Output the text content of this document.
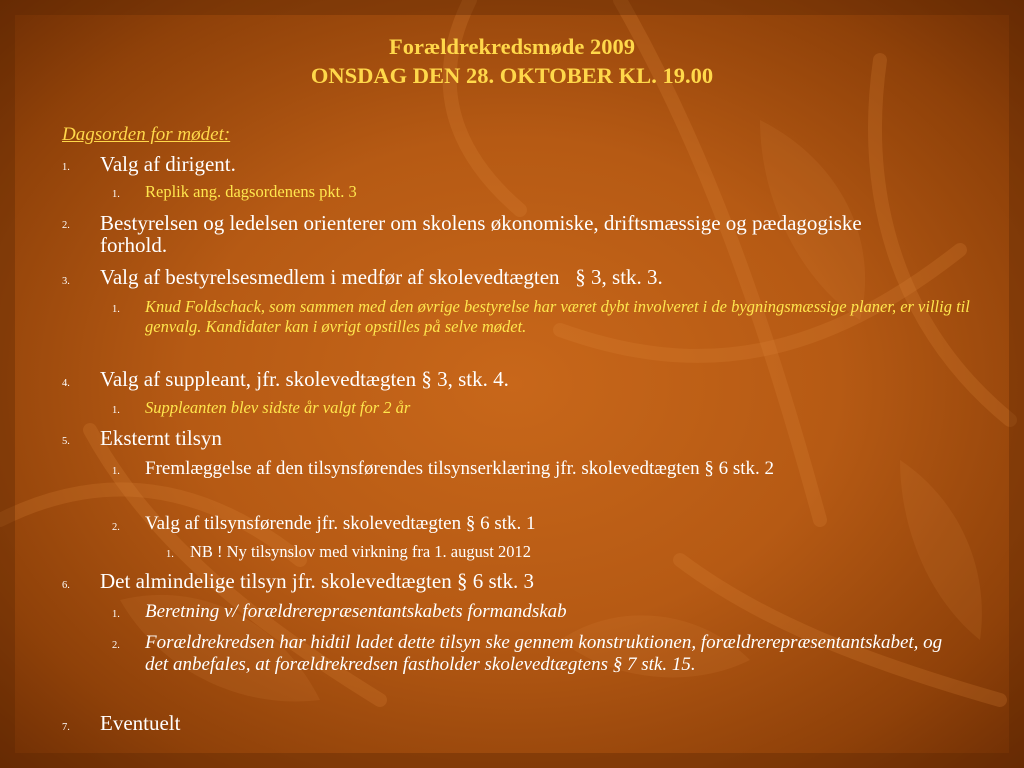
Forældrekredsmøde 2009
ONSDAG DEN 28. OKTOBER KL. 19.00
Dagsorden for mødet:
1. Valg af dirigent.
1. Replik ang. dagsordenens pkt. 3
2. Bestyrelsen og ledelsen orienterer om skolens økonomiske, driftsmæssige og pædagogiske forhold.
3. Valg af bestyrelsesmedlem i medfør af skolevedtægten   § 3, stk. 3.
1. Knud Foldschack, som sammen med den øvrige bestyrelse har været dybt involveret i de bygningsmæssige planer, er villig til genvalg. Kandidater kan i øvrigt opstilles på selve mødet.
4. Valg af suppleant, jfr. skolevedtægten § 3, stk. 4.
1. Suppleanten blev sidste år valgt for 2 år
5. Eksternt tilsyn
1. Fremlæggelse af den tilsynsførendes tilsynserklæring jfr. skolevedtægten § 6 stk. 2
2. Valg af tilsynsførende jfr. skolevedtægten § 6 stk. 1
1. NB ! Ny tilsynslov med virkning fra 1. august 2012
6. Det almindelige tilsyn jfr. skolevedtægten § 6 stk. 3
1. Beretning v/ forældrerepræsentantskabets formandskab
2. Forældrekredsen har hidtil ladet dette tilsyn ske gennem konstruktionen, forældrerepræsentantskabet, og det anbefales, at forældrekredsen fastholder skolevedtægtens § 7 stk. 15.
7. Eventuelt
